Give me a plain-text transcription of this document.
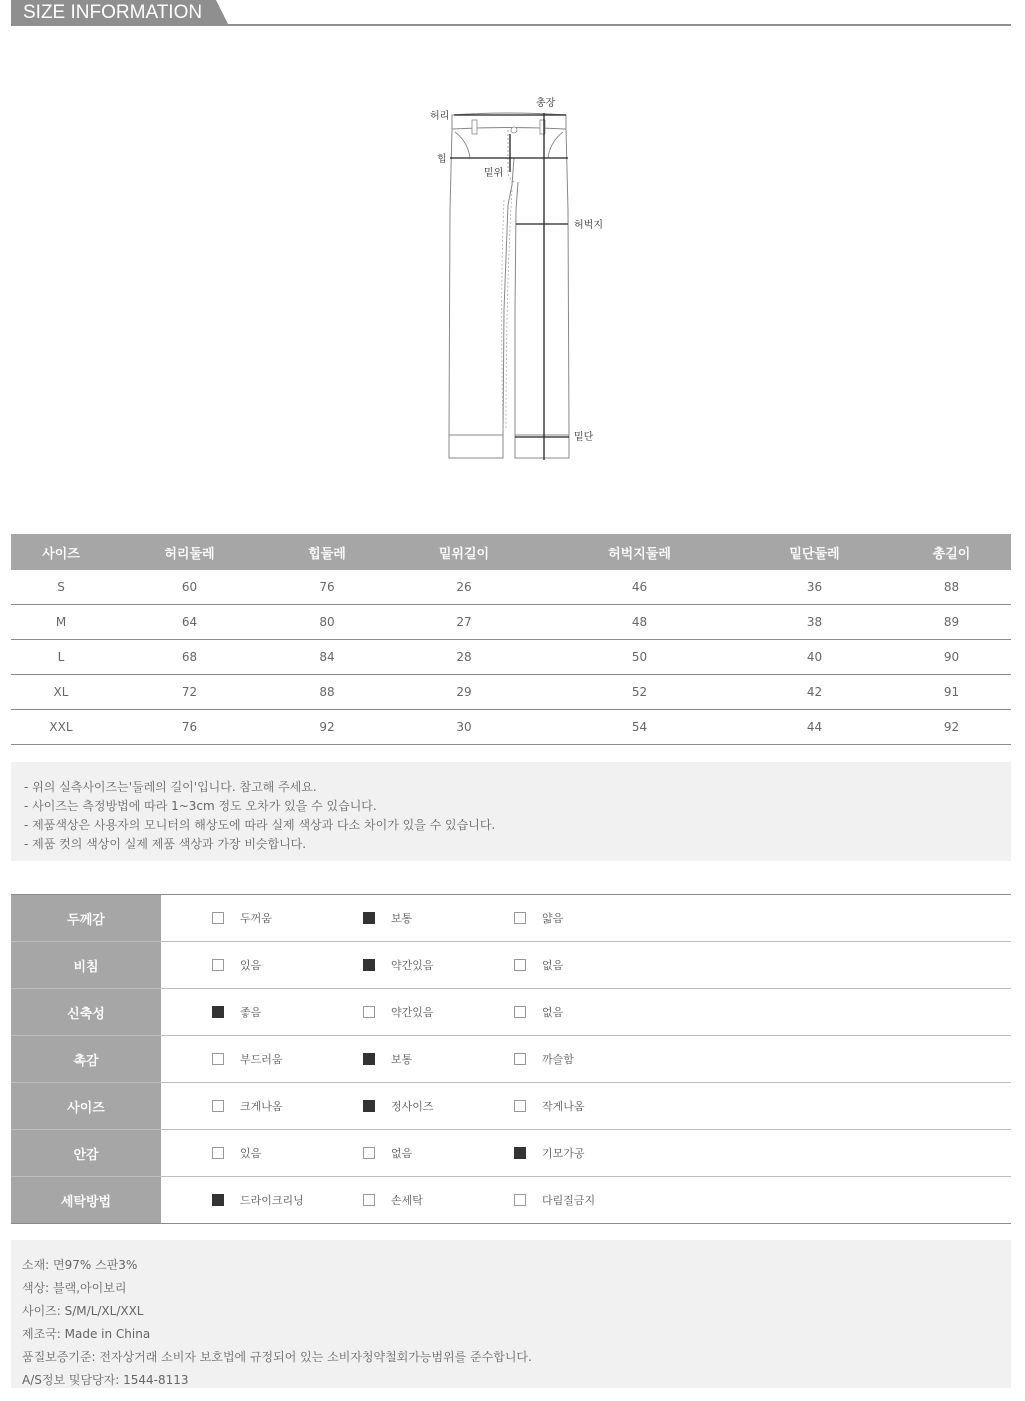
SIZE INFORMATION
허리
총장
힙
밑위
허벅지
밑단
사이즈	허리둘레	힙둘레	밑위길이	허벅지둘레	밑단둘레	총길이
S	60	76	26	46	36	88
M	64	80	27	48	38	89
L	68	84	28	50	40	90
XL	72	88	29	52	42	91
XXL	76	92	30	54	44	92
- 위의 실측사이즈는'둘레의 길이'입니다. 참고해 주세요.
- 사이즈는 측정방법에 따라 1~3cm 정도 오차가 있을 수 있습니다.
- 제품색상은 사용자의 모니터의 해상도에 따라 실제 색상과 다소 차이가 있을 수 있습니다.
- 제품 컷의 색상이 실제 제품 색상과 가장 비슷합니다.
두께감	두꺼움	보통	얇음
비침	있음	약간있음	없음
신축성	좋음	약간있음	없음
촉감	부드러움	보통	까슬함
사이즈	크게나옴	정사이즈	작게나옴
안감	있음	없음	기모가공
세탁방법	드라이크리닝	손세탁	다림질금지
소재: 면97% 스판3%
색상: 블랙,아이보리
사이즈: S/M/L/XL/XXL
제조국: Made in China
품질보증기준: 전자상거래 소비자 보호법에 규정되어 있는 소비자청약철회가능범위를 준수합니다.
A/S정보 및담당자: 1544-8113
